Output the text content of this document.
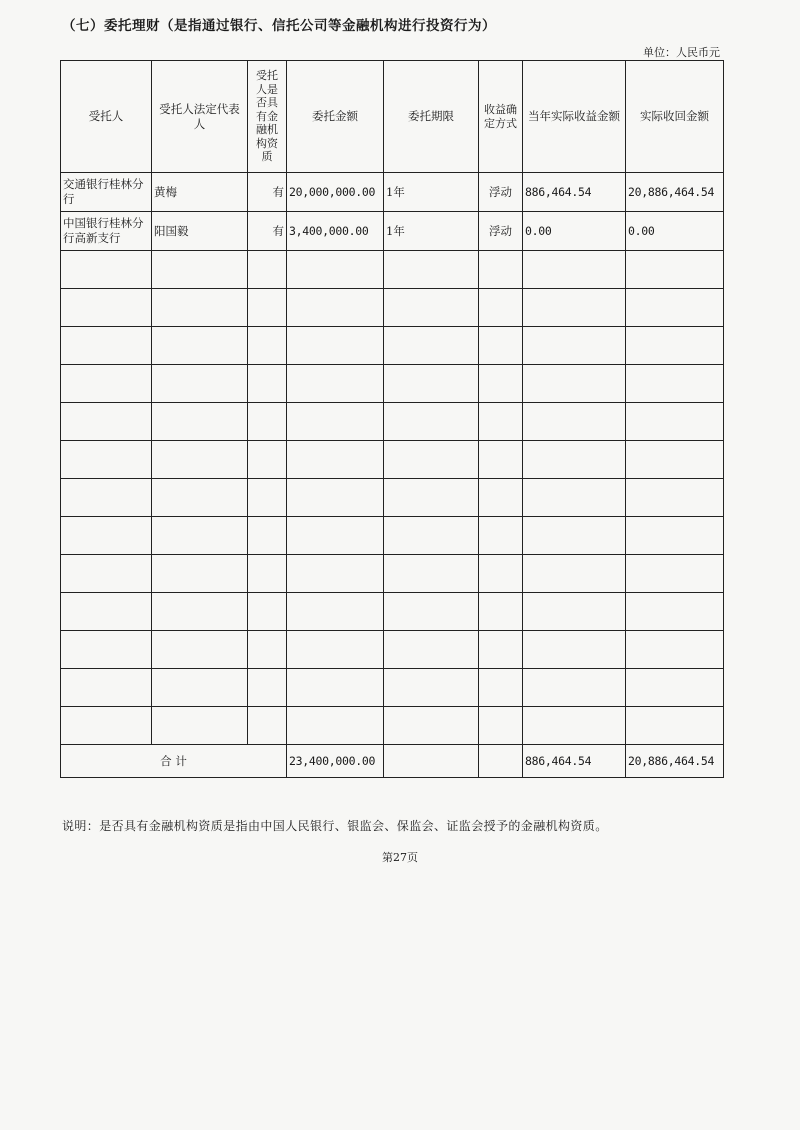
（七）委托理财（是指通过银行、信托公司等金融机构进行投资行为）
单位：人民币元
受托人	受托人法定代表人	受托人是否具有金融机构资质	委托金额	委托期限	收益确定方式	当年实际收益金额	实际收回金额
交通银行桂林分行	黄梅	有	20,000,000.00	1年	浮动	886,464.54	20,886,464.54
中国银行桂林分行高新支行	阳国毅	有	3,400,000.00	1年	浮动	0.00	0.00

合 计			23,400,000.00			886,464.54	20,886,464.54
说明：是否具有金融机构资质是指由中国人民银行、银监会、保监会、证监会授予的金融机构资质。
第27页
